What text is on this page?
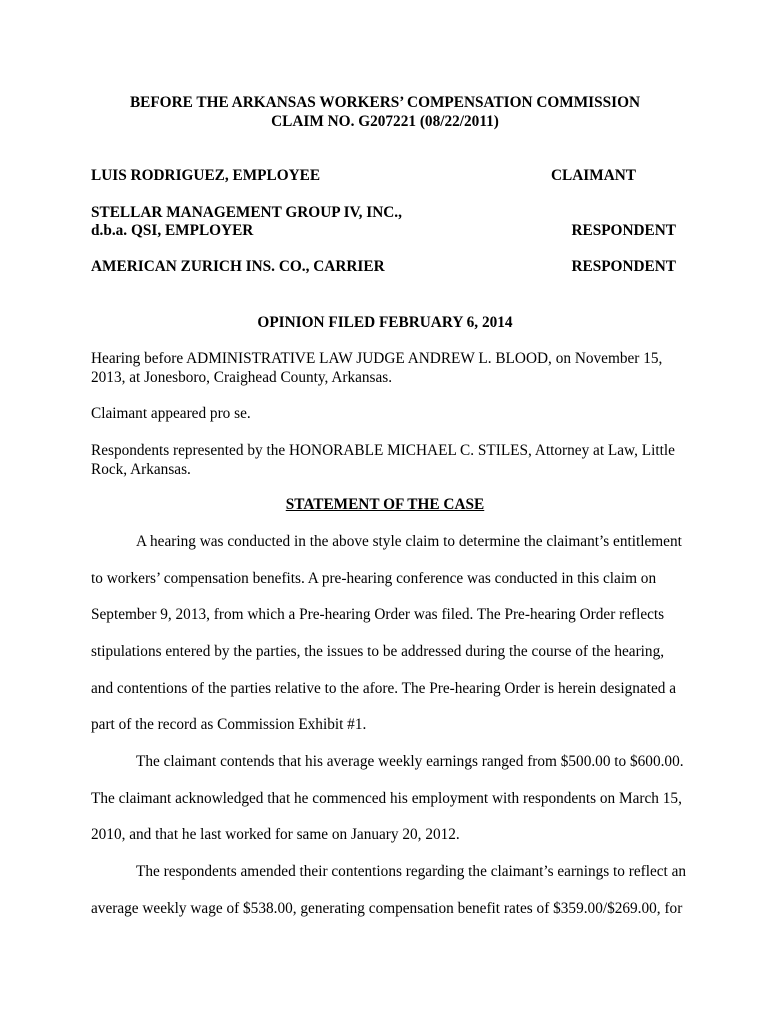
BEFORE THE ARKANSAS WORKERS’ COMPENSATION COMMISSION
CLAIM NO. G207221 (08/22/2011)
LUIS RODRIGUEZ, EMPLOYEE	CLAIMANT
STELLAR MANAGEMENT GROUP IV, INC.,
d.b.a. QSI, EMPLOYER	RESPONDENT
AMERICAN ZURICH INS. CO., CARRIER	RESPONDENT
OPINION FILED FEBRUARY 6, 2014
Hearing before ADMINISTRATIVE LAW JUDGE ANDREW L. BLOOD, on November 15,
2013, at Jonesboro, Craighead County, Arkansas.
Claimant appeared pro se.
Respondents represented by the HONORABLE MICHAEL C. STILES, Attorney at Law, Little
Rock, Arkansas.
STATEMENT OF THE CASE
A hearing was conducted in the above style claim to determine the claimant’s entitlement
to workers’ compensation benefits. A pre-hearing conference was conducted in this claim on
September 9, 2013, from which a Pre-hearing Order was filed. The Pre-hearing Order reflects
stipulations entered by the parties, the issues to be addressed during the course of the hearing,
and contentions of the parties relative to the afore. The Pre-hearing Order is herein designated a
part of the record as Commission Exhibit #1.
The claimant contends that his average weekly earnings ranged from $500.00 to $600.00.
The claimant acknowledged that he commenced his employment with respondents on March 15,
2010, and that he last worked for same on January 20, 2012.
The respondents amended their contentions regarding the claimant’s earnings to reflect an
average weekly wage of $538.00, generating compensation benefit rates of $359.00/$269.00, for
